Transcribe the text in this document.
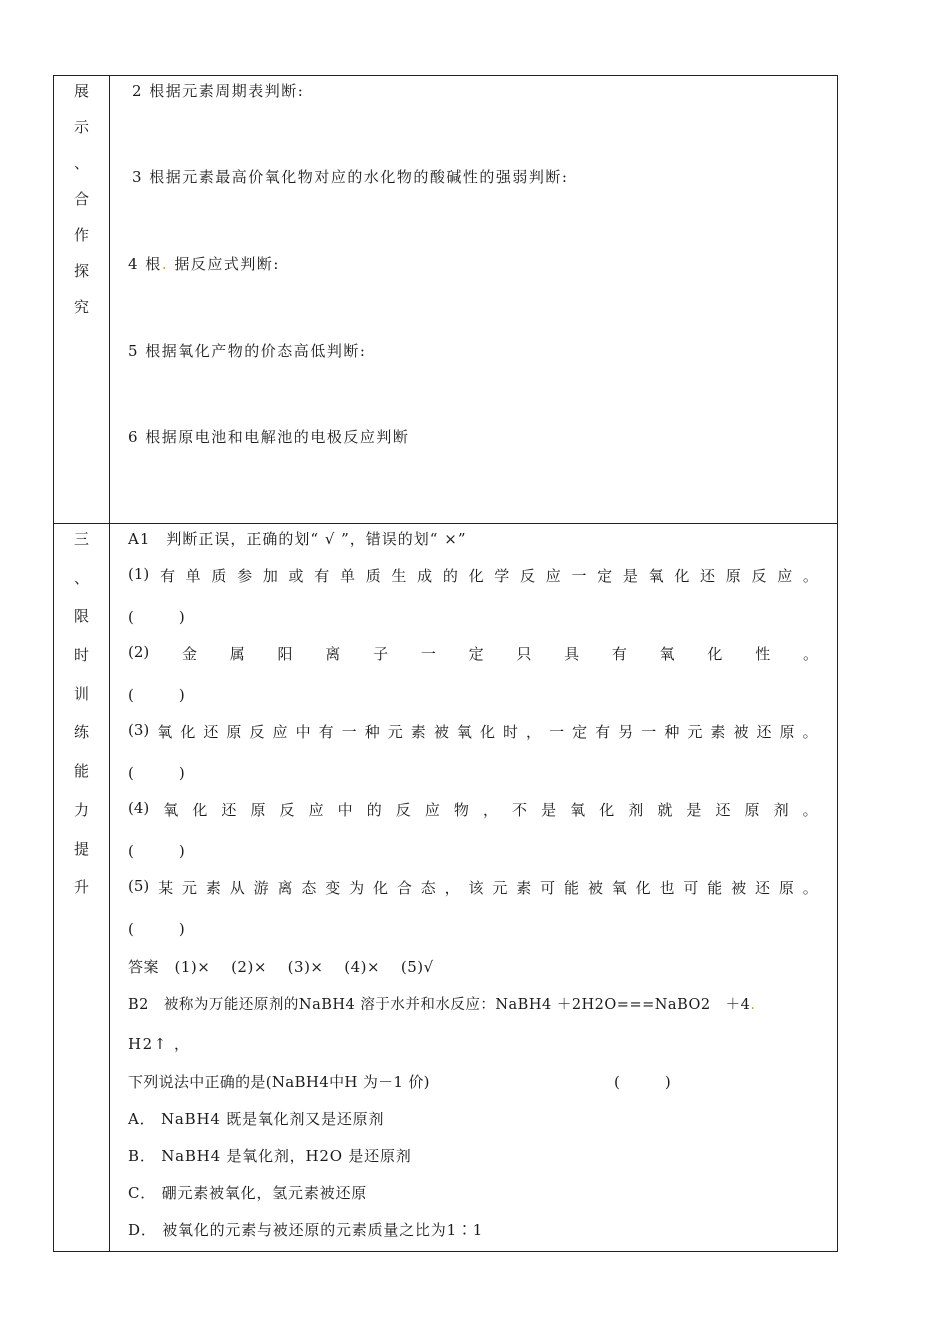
展
示
、
合
作
探
究
2 根据元素周期表判断:
3 根据元素最高价氧化物对应的水化物的酸碱性的强弱判断:
4 根. 据反应式判断:
5 根据氧化产物的价态高低判断:
6 根据原电池和电解池的电极反应判断
三
、
限
时
训
练
能
力
提
升
A1　判断正误，正确的划“ √ ”，错误的划“ ×”
(1) 有 单 质 参 加 或 有 单 质 生 成 的 化 学 反 应 一 定 是 氧 化 还 原 反 应 。
(　　　)
(2) 金 属 阳 离 子 一 定 只 具 有 氧 化 性 。
(　　　)
(3) 氧 化 还 原 反 应 中 有 一 种 元 素 被 氧 化 时 ， 一 定 有 另 一 种 元 素 被 还 原 。
(　　　)
(4) 氧 化 还 原 反 应 中 的 反 应 物 ， 不 是 氧 化 剂 就 是 还 原 剂 。
(　　　)
(5) 某 元 素 从 游 离 态 变 为 化 合 态 ， 该 元 素 可 能 被 氧 化 也 可 能 被 还 原 。
(　　　)
答案　(1)×　 (2)×　 (3)×　 (4)×　 (5)√
B2　被称为万能还原剂的NaBH4 溶于水并和水反应：NaBH4 ＋2H2O===NaBO2　＋4.
H2↑ ，
下列说法中正确的是(NaBH4中H 为－1 价)	(　　　)
A． NaBH4 既是氧化剂又是还原剂
B． NaBH4 是氧化剂，H2O 是还原剂
C． 硼元素被氧化，氢元素被还原
D． 被氧化的元素与被还原的元素质量之比为1∶1
